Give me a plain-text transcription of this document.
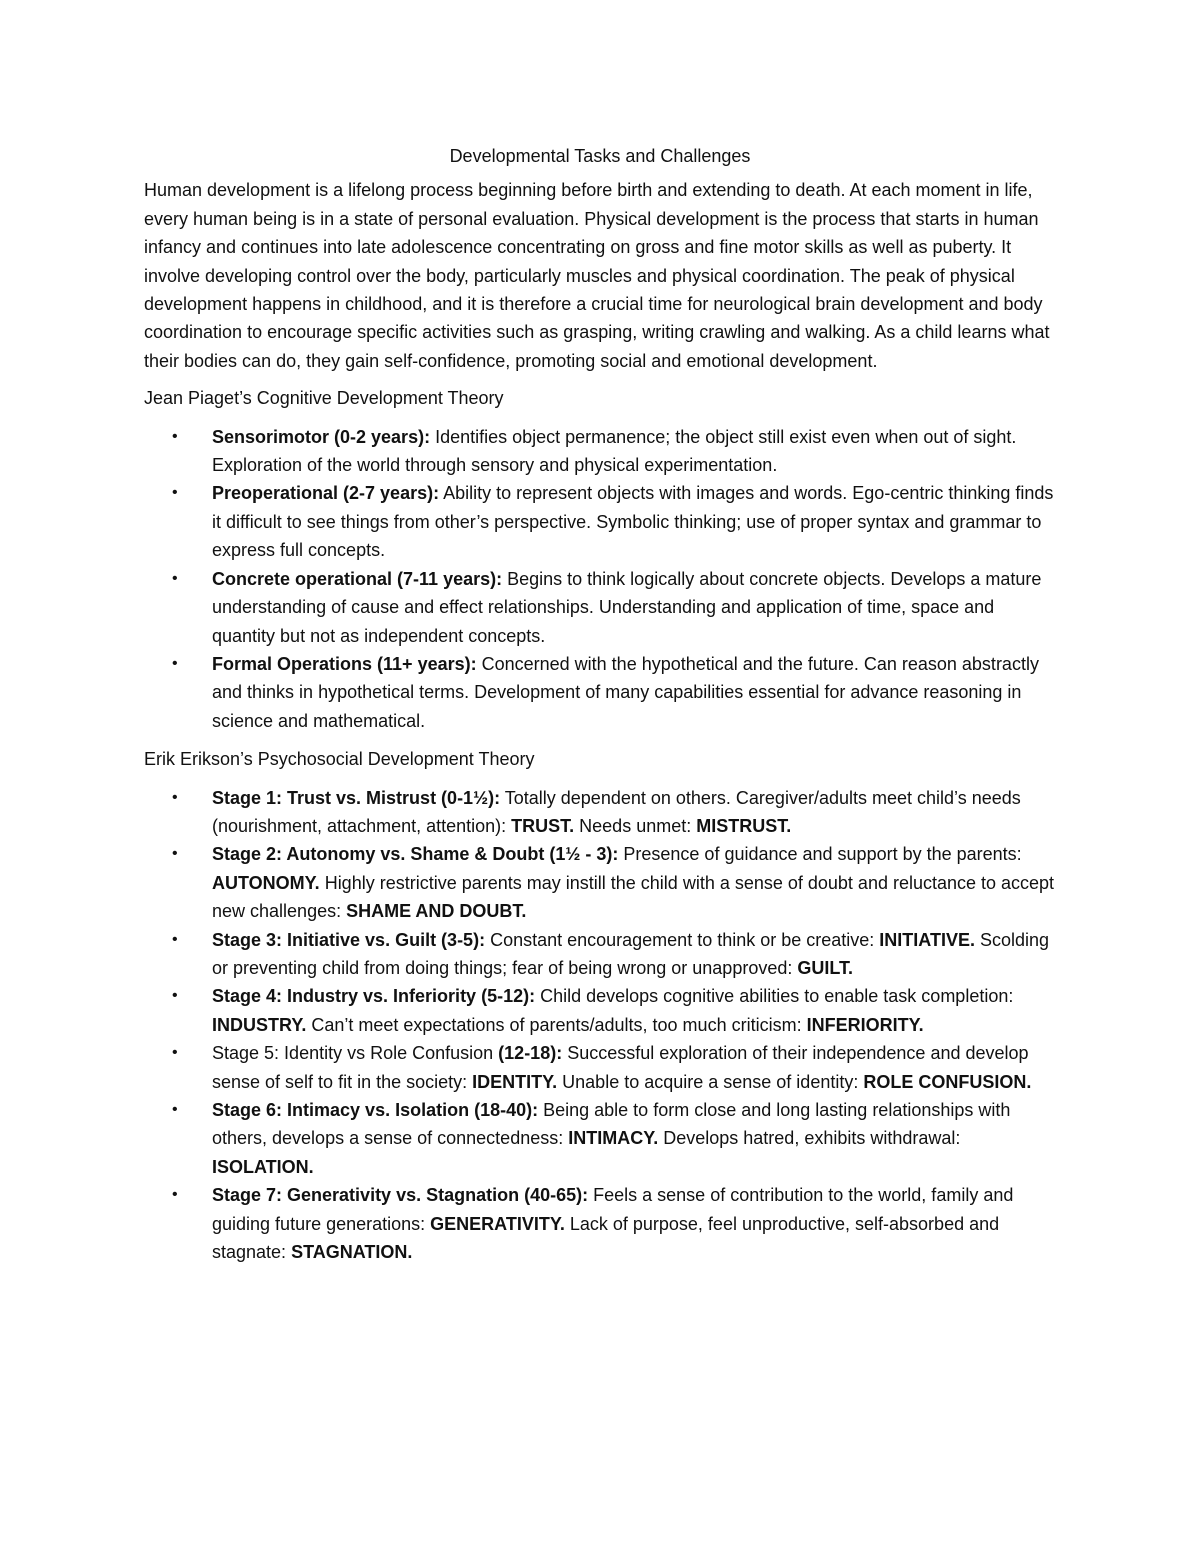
Developmental Tasks and Challenges

Human development is a lifelong process beginning before birth and extending to death. At each moment in life, every human being is in a state of personal evaluation. Physical development is the process that starts in human infancy and continues into late adolescence concentrating on gross and fine motor skills as well as puberty. It involve developing control over the body, particularly muscles and physical coordination. The peak of physical development happens in childhood, and it is therefore a crucial time for neurological brain development and body coordination to encourage specific activities such as grasping, writing crawling and walking. As a child learns what their bodies can do, they gain self-confidence, promoting social and emotional development.

Jean Piaget’s Cognitive Development Theory

• Sensorimotor (0-2 years): Identifies object permanence; the object still exist even when out of sight. Exploration of the world through sensory and physical experimentation.
• Preoperational (2-7 years): Ability to represent objects with images and words. Ego-centric thinking finds it difficult to see things from other’s perspective. Symbolic thinking; use of proper syntax and grammar to express full concepts.
• Concrete operational (7-11 years): Begins to think logically about concrete objects. Develops a mature understanding of cause and effect relationships. Understanding and application of time, space and quantity but not as independent concepts.
• Formal Operations (11+ years): Concerned with the hypothetical and the future. Can reason abstractly and thinks in hypothetical terms. Development of many capabilities essential for advance reasoning in science and mathematical.

Erik Erikson’s Psychosocial Development Theory

• Stage 1: Trust vs. Mistrust (0-1½): Totally dependent on others. Caregiver/adults meet child’s needs (nourishment, attachment, attention): TRUST. Needs unmet: MISTRUST.
• Stage 2: Autonomy vs. Shame & Doubt (1½ - 3): Presence of guidance and support by the parents: AUTONOMY. Highly restrictive parents may instill the child with a sense of doubt and reluctance to accept new challenges: SHAME AND DOUBT.
• Stage 3: Initiative vs. Guilt (3-5): Constant encouragement to think or be creative: INITIATIVE. Scolding or preventing child from doing things; fear of being wrong or unapproved: GUILT.
• Stage 4: Industry vs. Inferiority (5-12): Child develops cognitive abilities to enable task completion: INDUSTRY. Can’t meet expectations of parents/adults, too much criticism: INFERIORITY.
• Stage 5: Identity vs Role Confusion (12-18): Successful exploration of their independence and develop sense of self to fit in the society: IDENTITY. Unable to acquire a sense of identity: ROLE CONFUSION.
• Stage 6: Intimacy vs. Isolation (18-40): Being able to form close and long lasting relationships with others, develops a sense of connectedness: INTIMACY. Develops hatred, exhibits withdrawal: ISOLATION.
• Stage 7: Generativity vs. Stagnation (40-65): Feels a sense of contribution to the world, family and guiding future generations: GENERATIVITY. Lack of purpose, feel unproductive, self-absorbed and stagnate: STAGNATION.
